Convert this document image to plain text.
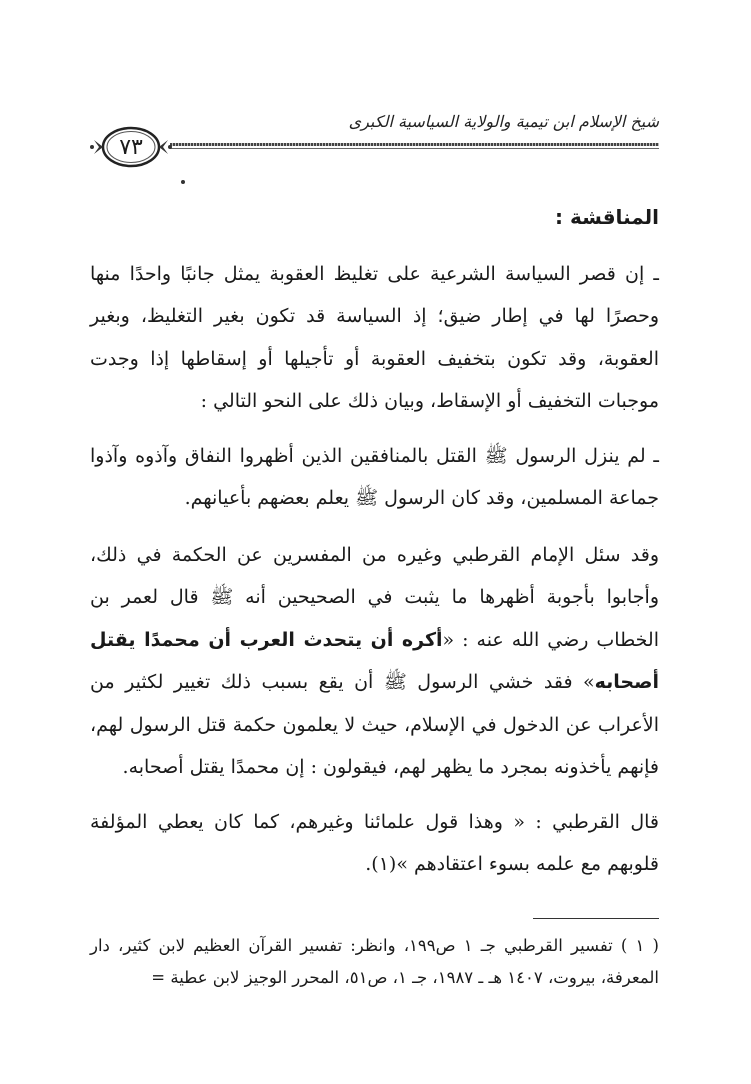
شيخ الإسلام ابن تيمية والولاية السياسية الكبرى
٧٣
المناقشة :

ـ إن قصر السياسة الشرعية على تغليظ العقوبة يمثل جانبًا واحدًا منها وحصرًا لها في إطار ضيق؛ إذ السياسة قد تكون بغير التغليظ، وبغير العقوبة، وقد تكون بتخفيف العقوبة أو تأجيلها أو إسقاطها إذا وجدت موجبات التخفيف أو الإسقاط، وبيان ذلك على النحو التالي :

ـ لم ينزل الرسول ﷺ القتل بالمنافقين الذين أظهروا النفاق وآذوه وآذوا جماعة المسلمين، وقد كان الرسول ﷺ يعلم بعضهم بأعيانهم.

وقد سئل الإمام القرطبي وغيره من المفسرين عن الحكمة في ذلك، وأجابوا بأجوبة أظهرها ما يثبت في الصحيحين أنه ﷺ قال لعمر بن الخطاب رضي الله عنه : «أكره أن يتحدث العرب أن محمدًا يقتل أصحابه» فقد خشي الرسول ﷺ أن يقع بسبب ذلك تغيير لكثير من الأعراب عن الدخول في الإسلام، حيث لا يعلمون حكمة قتل الرسول لهم، فإنهم يأخذونه بمجرد ما يظهر لهم، فيقولون : إن محمدًا يقتل أصحابه.

قال القرطبي : « وهذا قول علمائنا وغيرهم، كما كان يعطي المؤلفة قلوبهم مع علمه بسوء اعتقادهم »(١).

( ١ ) تفسير القرطبي جـ ١ ص١٩٩، وانظر: تفسير القرآن العظيم لابن كثير، دار المعرفة، بيروت، ١٤٠٧ هـ ـ ١٩٨٧، جـ ١، ص٥١، المحرر الوجيز لابن عطية =
